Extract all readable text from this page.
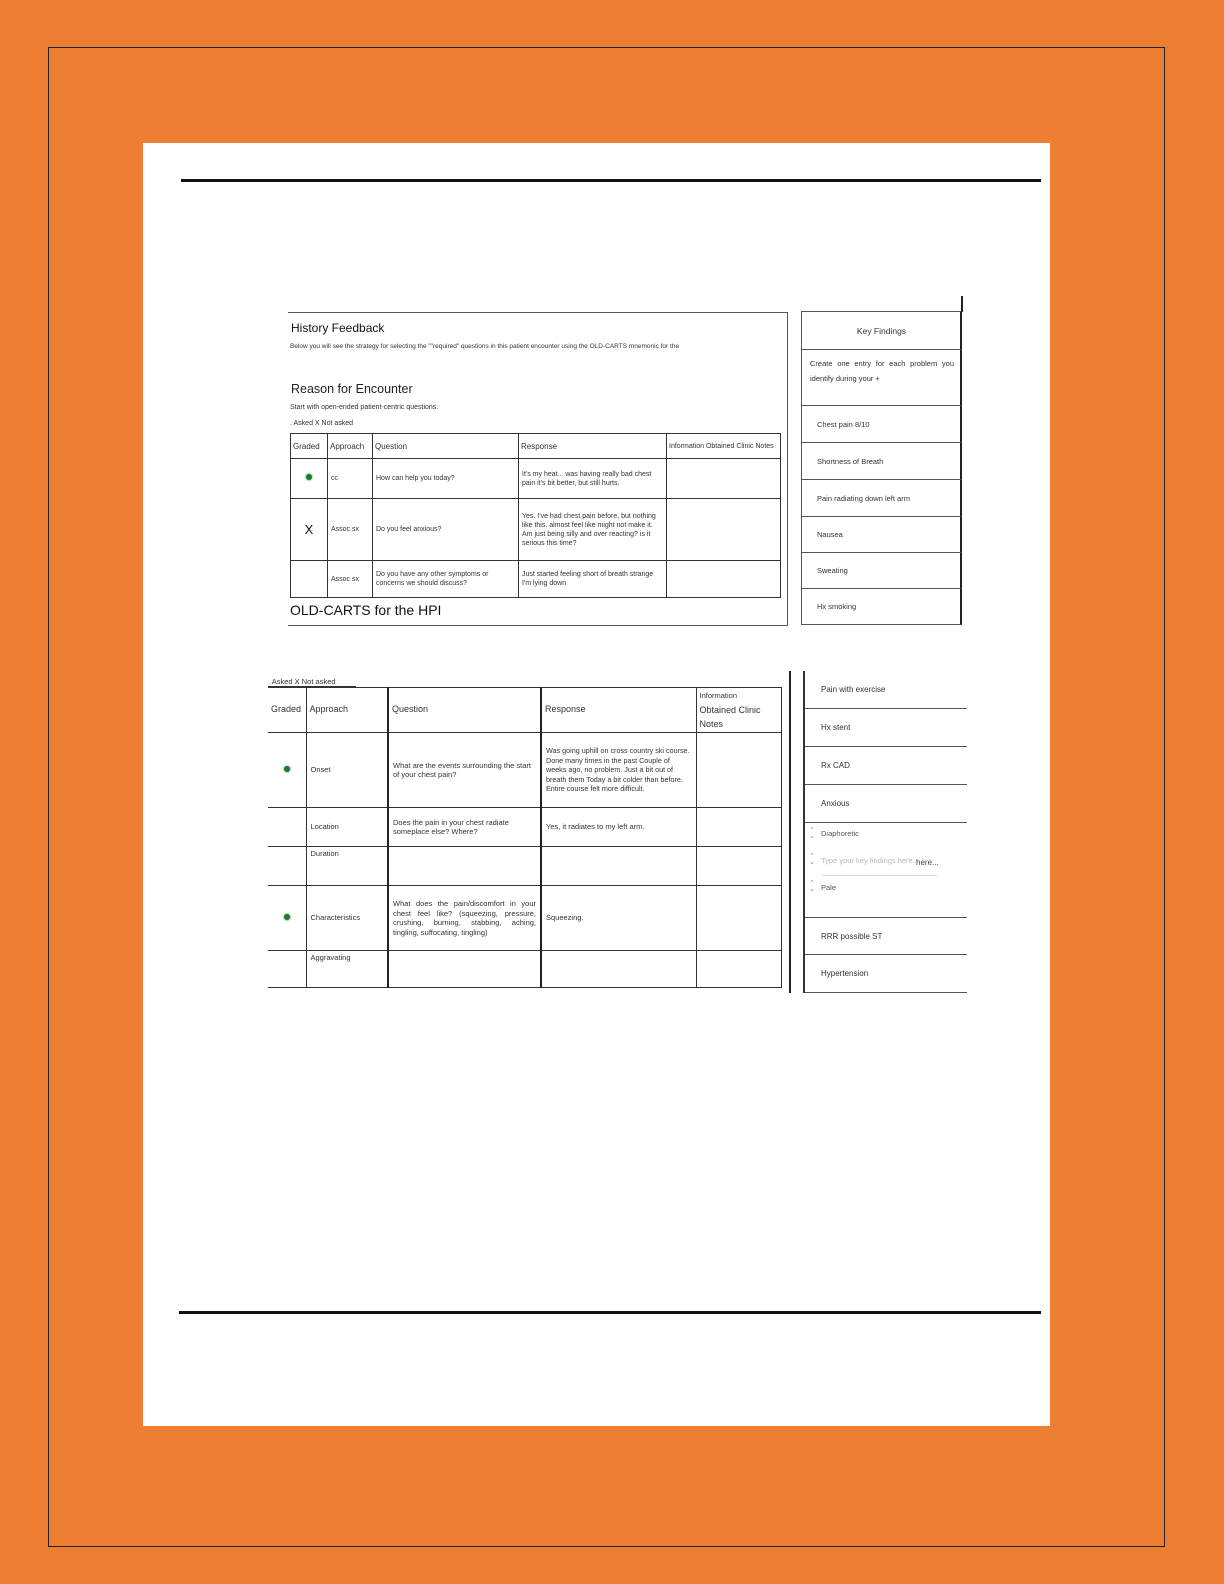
History Feedback
Below you will see the strategy for selecting the ""required" questions in this patient encounter using the OLD-CARTS mnemonic for the
Reason for Encounter
Start with open-ended patient-centric questions.
. Asked X Not asked
Graded	Approach	Question	Response	Information Obtained Clinic Notes
	cc	How can help you today?	It's my heat... was having really bad chest pain it's bit better, but still hurts.	
X	Assoc sx	Do you feel anxious?	Yes. I've had chest pain before, but nothing like this. almost feel like might not make it. Am just being silly and over reacting? is it serious this time?	
	Assoc sx	Do you have any other symptoms or concerns we should discuss?	Just started feeling short of breath strange I'm lying down	
OLD-CARTS for the HPI
Key Findings
Create one entry for each problem you identify during your +
Chest pain 8/10
Shortness of Breath
Pain radiating down left arm
Nausea
Sweating
Hx smoking
. Asked X Not asked
Graded	Approach	Question	Response	Information
Obtained Clinic
Notes

	Onset	What are the events surrounding the start of your chest pain?	Was going uphill on cross country ski course. Done many times in the past Couple of weeks ago, no problem. Just a bit out of breath them Today a bit colder than before. Entire course felt more difficult.	
	Location	Does the pain in your chest radiate someplace else? Where?	Yes, it radiates to my left arm.	
	Duration			
	Characteristics	What does the pain/discomfort in your chest feel like? (squeezing, pressure, crushing, burning, stabbing, aching, tingling, suffocating, tingling)	Squeezing.	
	Aggravating			
Pain with exercise
Hx stent
Rx CAD
Anxious
⌃
⌄ Diaphoretic
⌃
⌄ Type your key findings here...
here...
⌃
⌄ Pale
RRR possible ST
Hypertension
